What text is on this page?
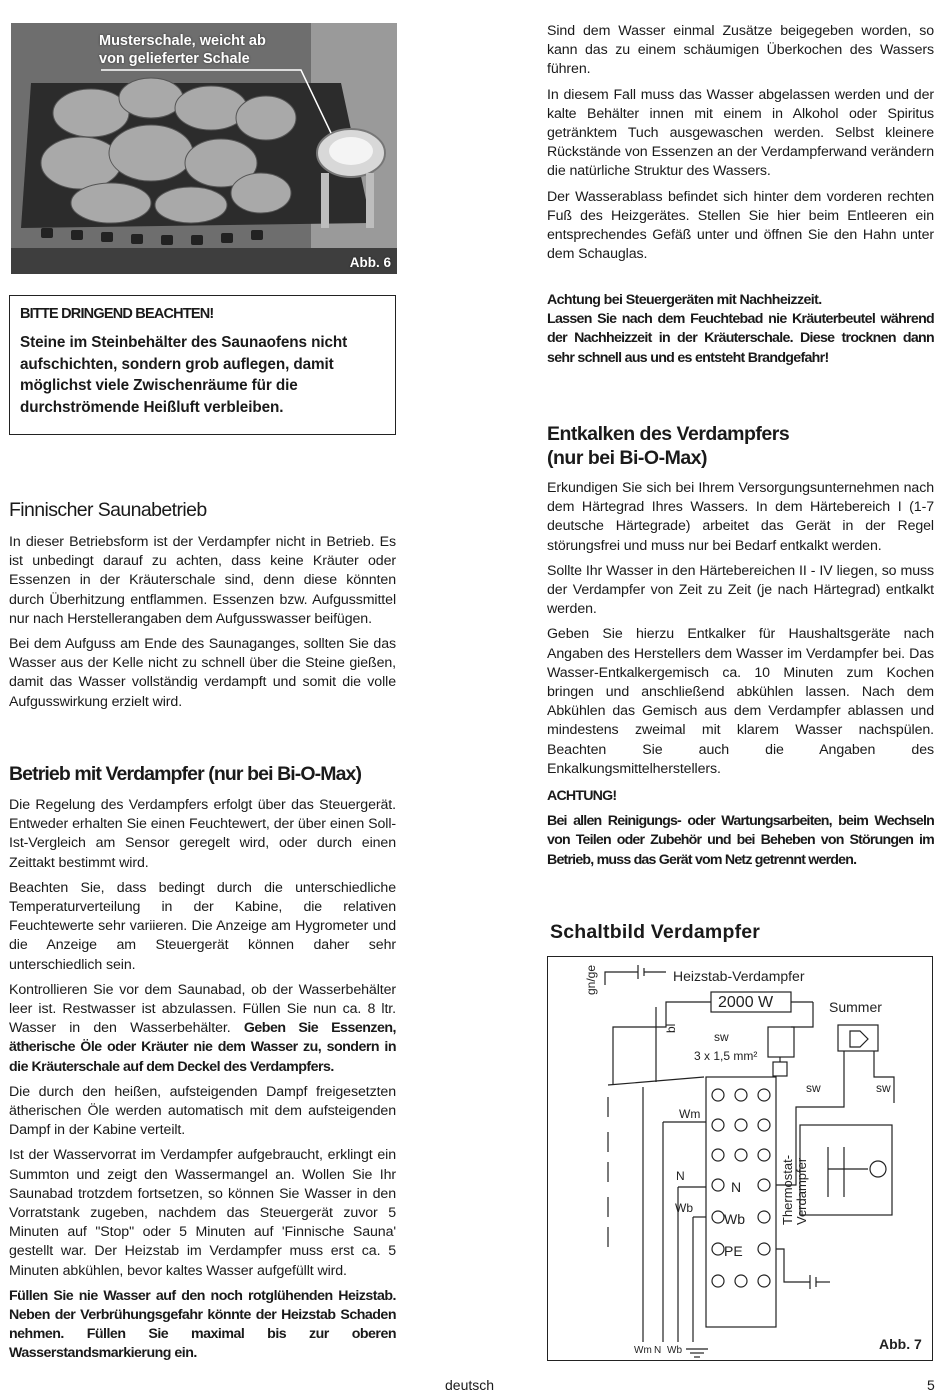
Musterschale, weicht ab
von gelieferter Schale
Abb. 6
BITTE DRINGEND BEACHTEN!
Steine im Steinbehälter des Saunaofens nicht aufschichten, sondern grob auflegen, damit möglichst viele Zwischenräume für die durchströmende Heißluft verbleiben.
Finnischer Saunabetrieb

In dieser Betriebsform ist der Verdampfer nicht in Betrieb. Es ist unbedingt darauf zu achten, dass keine Kräuter oder Essenzen in der Kräuterschale sind, denn diese könnten durch Überhitzung entflammen. Essenzen bzw. Aufgussmittel nur nach Herstellerangaben dem Aufgusswasser beifügen.

Bei dem Aufguss am Ende des Saunaganges, sollten Sie das Wasser aus der Kelle nicht zu schnell über die Steine gießen, damit das Wasser vollständig verdampft und somit die volle Aufgusswirkung erzielt wird.

Betrieb mit Verdampfer (nur bei Bi-O-Max)

Die Regelung des Verdampfers erfolgt über das Steuergerät. Entweder erhalten Sie einen Feuchtewert, der über einen Soll-Ist-Vergleich am Sensor geregelt wird, oder durch einen Zeittakt bestimmt wird.

Beachten Sie, dass bedingt durch die unterschiedliche Temperaturverteilung in der Kabine, die relativen Feuchtewerte sehr variieren. Die Anzeige am Hygrometer und die Anzeige am Steuergerät können daher sehr unterschiedlich sein.

Kontrollieren Sie vor dem Saunabad, ob der Wasserbehälter leer ist. Restwasser ist abzulassen. Füllen Sie nun ca. 8 ltr. Wasser in den Wasserbehälter. Geben Sie Essenzen, ätherische Öle oder Kräuter nie dem Wasser zu, sondern in die Kräuterschale auf dem Deckel des Verdampfers.

Die durch den heißen, aufsteigenden Dampf freigesetzten ätherischen Öle werden automatisch mit dem aufsteigenden Dampf in der Kabine verteilt.

Ist der Wasservorrat im Verdampfer aufgebraucht, erklingt ein Summton und zeigt den Wassermangel an. Wollen Sie Ihr Saunabad trotzdem fortsetzen, so können Sie Wasser in den Vorratstank zugeben, nachdem das Steuergerät zuvor 5 Minuten auf "Stop" oder 5 Minuten auf 'Finnische Sauna' gestellt war. Der Heizstab im Verdampfer muss erst ca. 5 Minuten abkühlen, bevor kaltes Wasser aufgefüllt wird.

Füllen Sie nie Wasser auf den noch rotglühenden Heizstab. Neben der Verbrühungsgefahr könnte der Heizstab Schaden nehmen. Füllen Sie maximal bis zur oberen Wasserstandsmarkierung ein.

Sind dem Wasser einmal Zusätze beigegeben worden, so kann das zu einem schäumigen Überkochen des Wassers führen.

In diesem Fall muss das Wasser abgelassen werden und der kalte Behälter innen mit einem in Alkohol oder Spiritus getränktem Tuch ausgewaschen werden. Selbst kleinere Rückstände von Essenzen an der Verdampferwand verändern die natürliche Struktur des Wassers.

Der Wasserablass befindet sich hinter dem vorderen rechten Fuß des Heizgerätes. Stellen Sie hier beim Entleeren ein entsprechendes Gefäß unter und öffnen Sie den Hahn unter dem Schauglas.

Achtung bei Steuergeräten mit Nachheizzeit.

Lassen Sie nach dem Feuchtebad nie Kräuterbeutel während der Nachheizzeit in der Kräuterschale. Diese trocknen dann sehr schnell aus und es entsteht Brandgefahr!

Entkalken des Verdampfers
(nur bei Bi-O-Max)

Erkundigen Sie sich bei Ihrem Versorgungsunternehmen nach dem Härtegrad Ihres Wassers. In dem Härtebereich I (1-7 deutsche Härtegrade) arbeitet das Gerät in der Regel störungsfrei und muss nur bei Bedarf entkalkt werden.

Sollte Ihr Wasser in den Härtebereichen II - IV liegen, so muss der Verdampfer von Zeit zu Zeit (je nach Härtegrad) entkalkt werden.

Geben Sie hierzu Entkalker für Haushaltsgeräte nach Angaben des Herstellers dem Wasser im Verdampfer bei. Das Wasser-Entkalkergemisch ca. 10 Minuten zum Kochen bringen und anschließend abkühlen lassen. Nach dem Abkühlen das Gemisch aus dem Verdampfer ablassen und mindestens zweimal mit klarem Wasser nachspülen. Beachten Sie auch die Angaben des Enkalkungsmittelherstellers.

ACHTUNG!

Bei allen Reinigungs- oder Wartungsarbeiten, beim Wechseln von Teilen oder Zubehör und bei Beheben von Störungen im Betrieb, muss das Gerät vom Netz getrennt werden.

Schaltbild Verdampfer
Heizstab-Verdampfer
2000 W	Summer
gn/ge
bl
sw
sw	sw
3 x 1,5 mm²
Wm
N
Wb
N
Wb
PE
Thermostat- Verdampfer
Wm N Wb	Abb. 7
deutsch	5
